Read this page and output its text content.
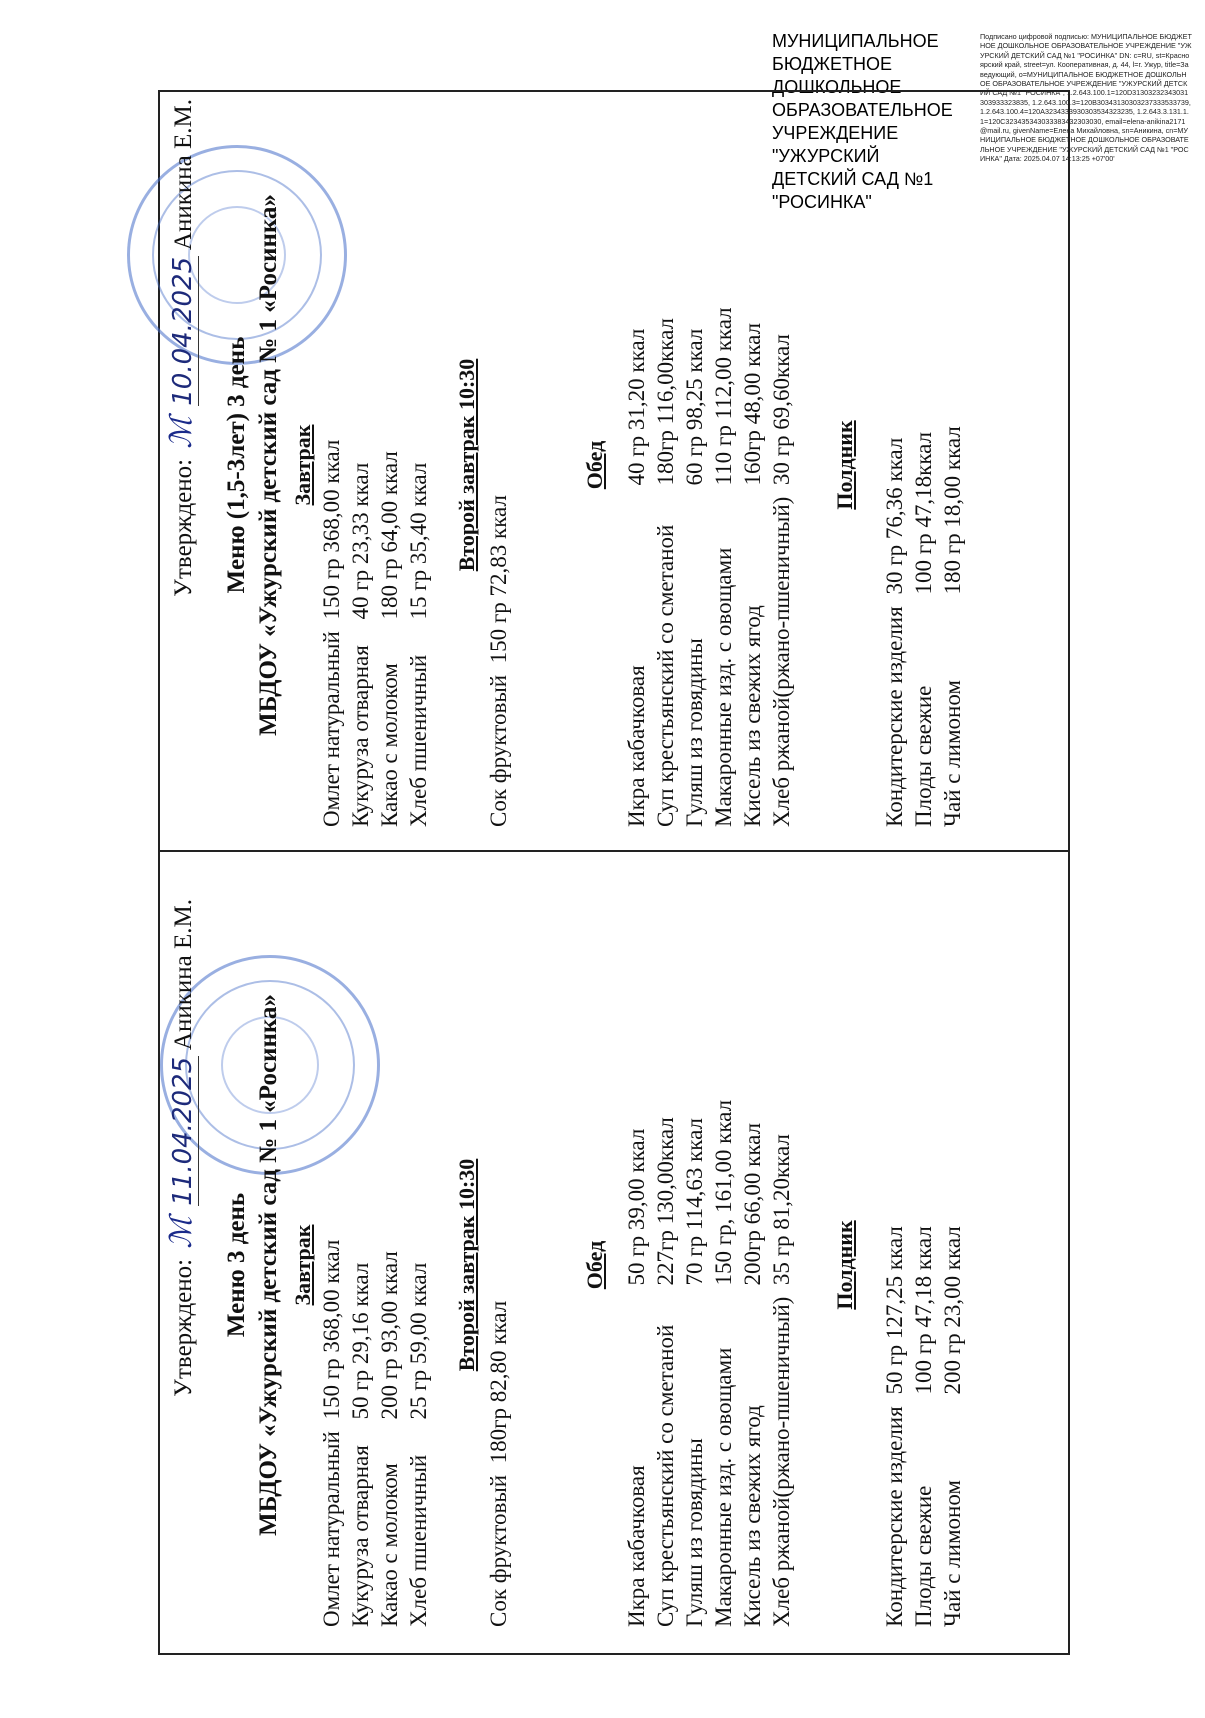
МУНИЦИПАЛЬНОЕ БЮДЖЕТНОЕ ДОШКОЛЬНОЕ ОБРАЗОВАТЕЛЬНОЕ УЧРЕЖДЕНИЕ "УЖУРСКИЙ ДЕТСКИЙ САД №1 "РОСИНКА"
Подписано цифровой подписью: МУНИЦИПАЛЬНОЕ БЮДЖЕТНОЕ ДОШКОЛЬНОЕ ОБРАЗОВАТЕЛЬНОЕ УЧРЕЖДЕНИЕ "УЖУРСКИЙ ДЕТСКИЙ САД №1 "РОСИНКА" DN: c=RU, st=Красноярский край, street=ул. Кооперативная, д. 44, l=г. Ужур, title=Заведующий, o=МУНИЦИПАЛЬНОЕ БЮДЖЕТНОЕ ДОШКОЛЬНОЕ ОБРАЗОВАТЕЛЬНОЕ УЧРЕЖДЕНИЕ "УЖУРСКИЙ ДЕТСКИЙ САД №1 "РОСИНКА", 1.2.643.100.1=120D31303232343031303933323835, 1.2.643.100.3=120B30343130303237333533739, 1.2.643.100.4=120A3234333930303534323235, 1.2.643.3.131.1.1=120C323435343033383432303030, email=elena-anikina2171@mail.ru, givenName=Елена Михайловна, sn=Аникина, cn=МУНИЦИПАЛЬНОЕ БЮДЖЕТНОЕ ДОШКОЛЬНОЕ ОБРАЗОВАТЕЛЬНОЕ УЧРЕЖДЕНИЕ "УЖУРСКИЙ ДЕТСКИЙ САД №1 "РОСИНКА" Дата: 2025.04.07 14:13:25 +07'00'
Утверждено: ℳ 11.04.2025 Аникина Е.М.
Меню 3 день МБДОУ «Ужурский детский сад № 1 «Росинка» Завтрак
Омлет натуральный  150 гр 368,00 ккал
Кукуруза отварная  50 гр 29,16 ккал
Какао с молоком  200 гр 93,00 ккал
Хлеб пшеничный  25 гр 59,00 ккал Второй завтрак 10:30
Сок фруктовый  180гр 82,80 ккал
Обед
Икра кабачковая  50 гр 39,00 ккал
Суп крестьянский со сметаной  227гр 130,00ккал
Гуляш из говядины  70 гр 114,63 ккал
Макаронные изд. с овощами  150 гр, 161,00 ккал
Кисель из свежих ягод  200гр 66,00 ккал
Хлеб ржаной(ржано-пшеничный)  35 гр 81,20ккал Полдник
Кондитерские изделия  50 гр 127,25 ккал
Плоды свежие  100 гр 47,18 ккал
Чай с лимоном  200 гр 23,00 ккал
Утверждено: ℳ 10.04.2025 Аникина Е.М.
Меню (1,5-3лет) 3 день МБДОУ «Ужурский детский сад № 1 «Росинка» Завтрак
Омлет натуральный  150 гр 368,00 ккал
Кукуруза отварная  40 гр 23,33 ккал
Какао с молоком  180 гр 64,00 ккал
Хлеб пшеничный  15 гр 35,40 ккал Второй завтрак 10:30
Сок фруктовый  150 гр 72,83 ккал
Обед
Икра кабачковая  40 гр 31,20 ккал
Суп крестьянский со сметаной  180гр 116,00ккал
Гуляш из говядины  60 гр 98,25 ккал
Макаронные изд. с овощами  110 гр 112,00 ккал
Кисель из свежих ягод  160гр 48,00 ккал
Хлеб ржаной(ржано-пшеничный)  30 гр 69,60ккал Полдник
Кондитерские изделия  30 гр 76,36 ккал
Плоды свежие  100 гр 47,18ккал
Чай с лимоном  180 гр 18,00 ккал
